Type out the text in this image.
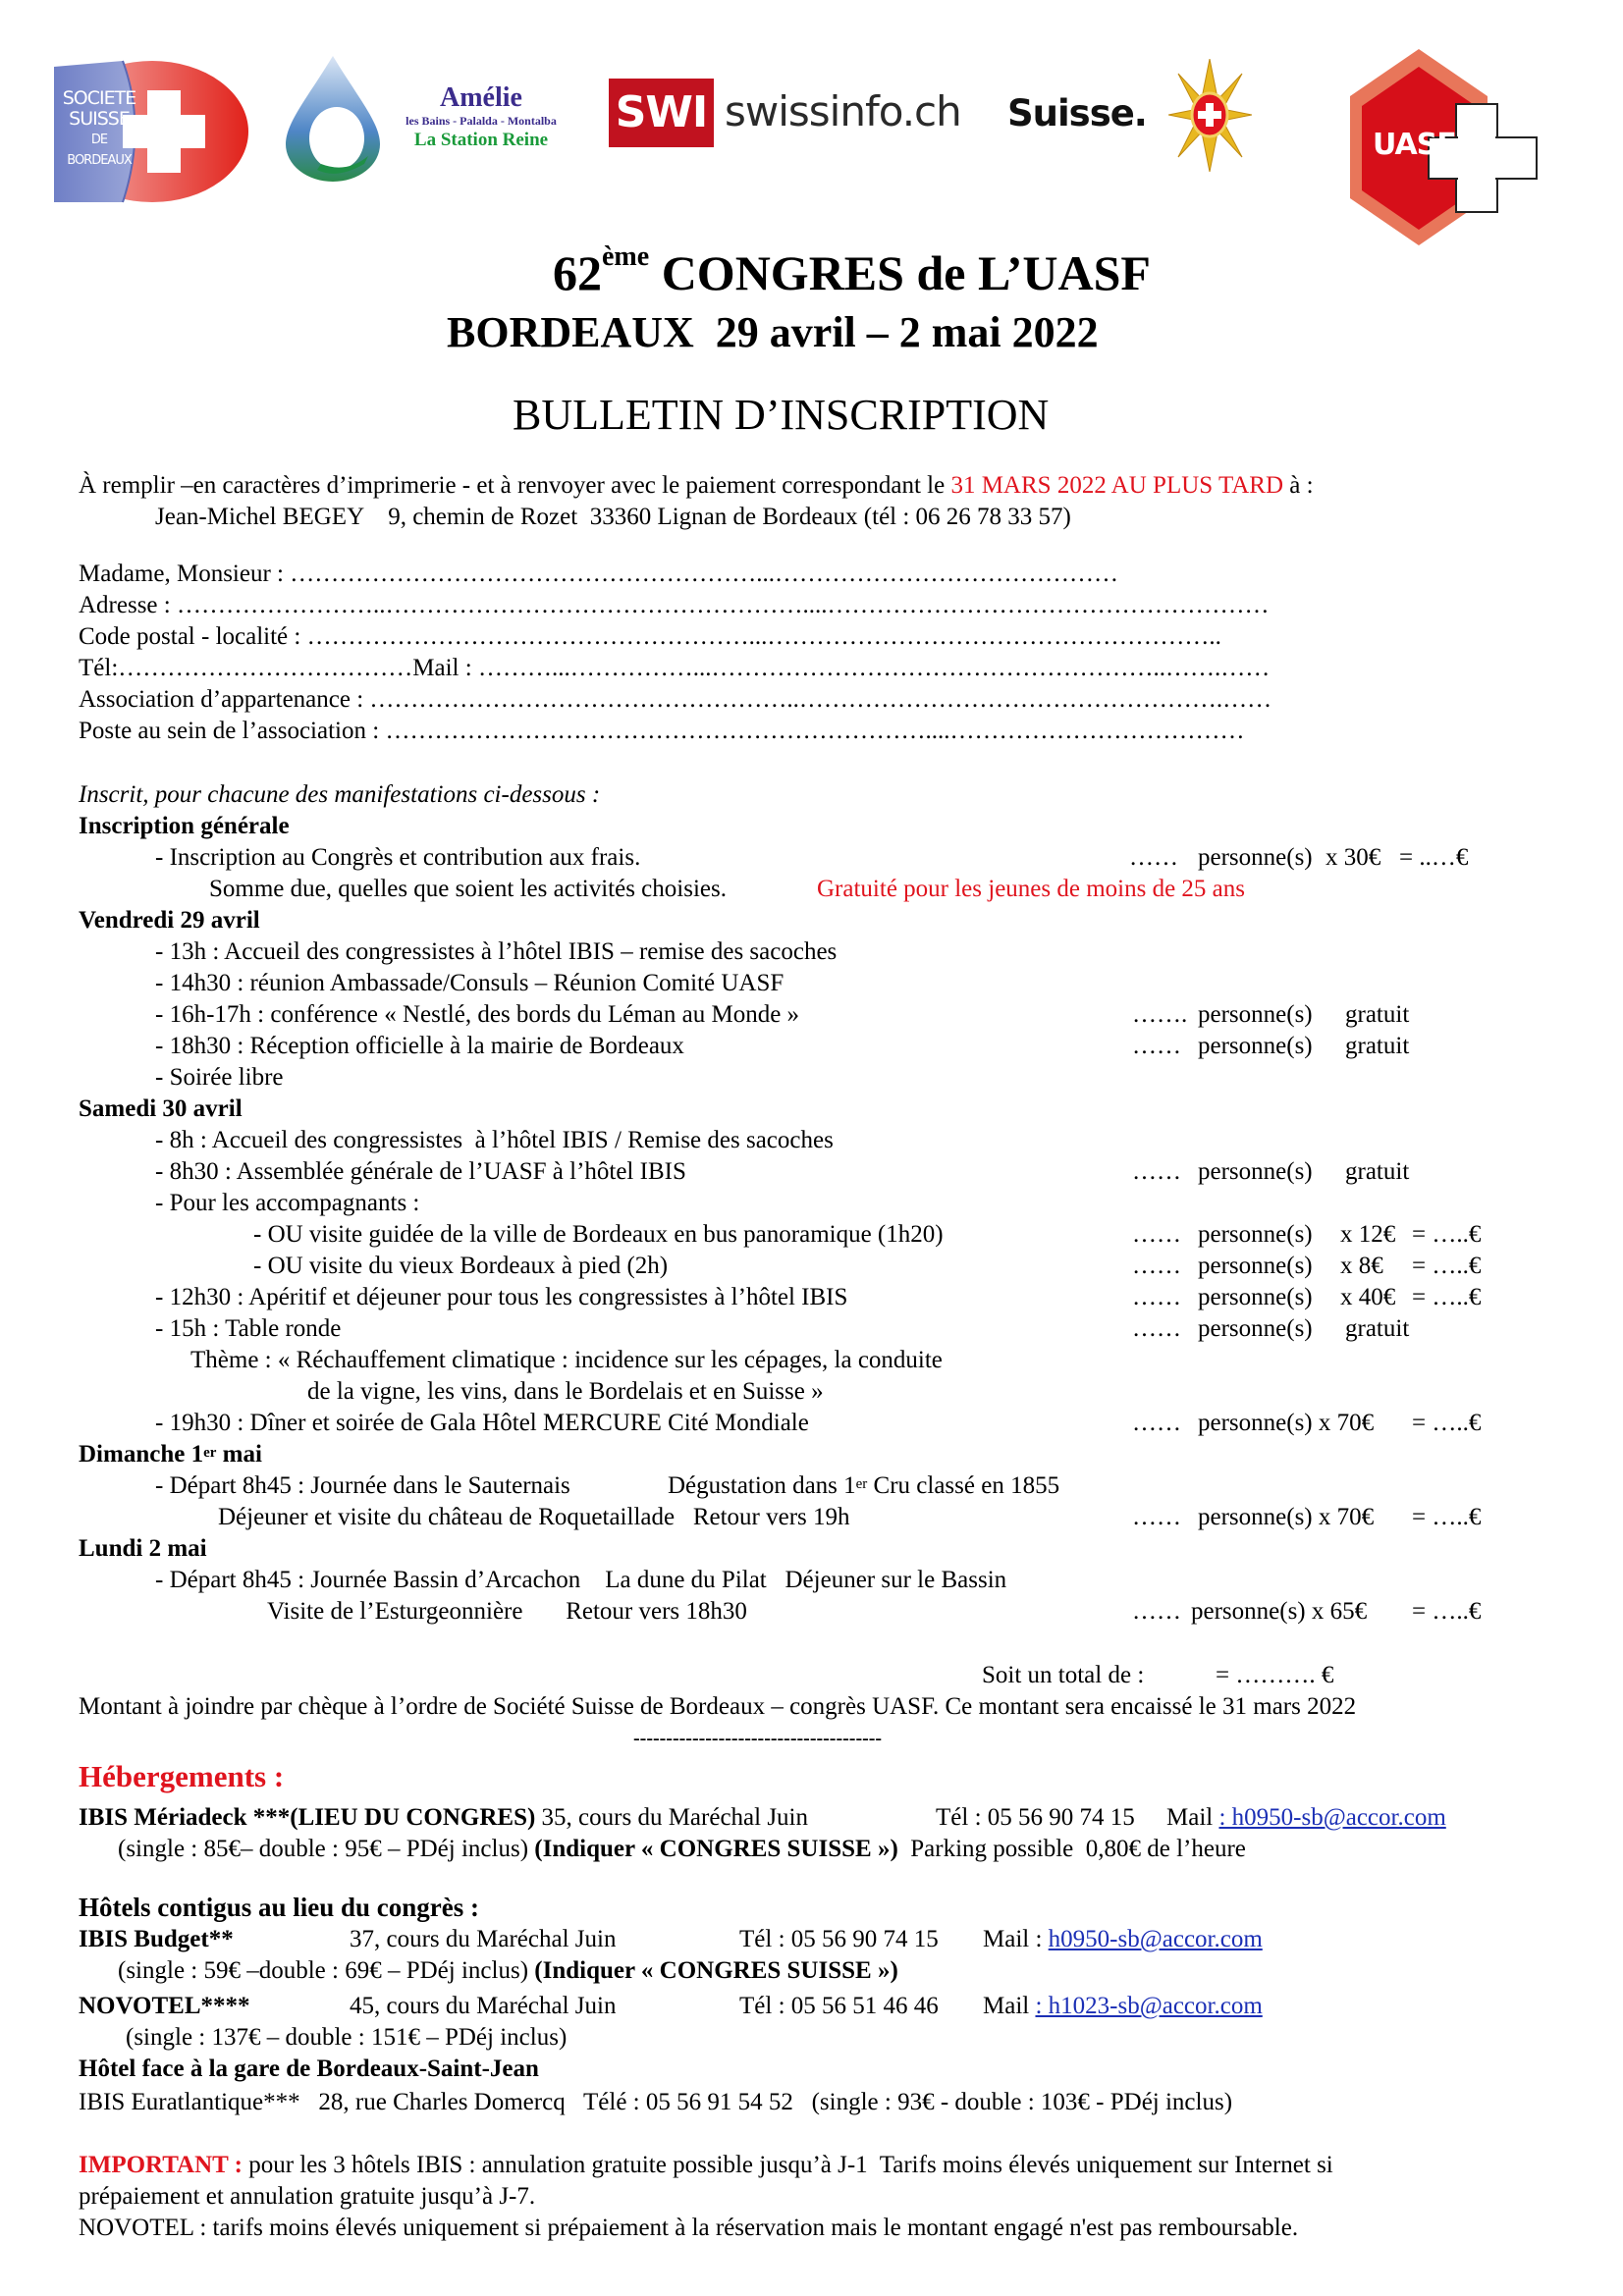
SOCIETE
SUISSE
DE
BORDEAUX
Amélie
les Bains - Palalda - Montalba
La Station Reine
SWI swissinfo.ch Suisse.
UASF
62ème CONGRES de L’UASF
BORDEAUX  29 avril – 2 mai 2022
BULLETIN D’INSCRIPTION
À remplir –en caractères d’imprimerie - et à renvoyer avec le paiement correspondant le 31 MARS 2022 AU PLUS TARD à :
Jean-Michel BEGEY    9, chemin de Rozet  33360 Lignan de Bordeaux (tél : 06 26 78 33 57)
Madame, Monsieur : …………………………………………………...……………………………………
Adresse : ……………………..……………………………………………....………………………………………………
Code postal - localité : ………………………………………………...………………………………………………..
Tél:………………………………Mail : ………...……………...………………………………………………..…….……
Association d’appartenance : ……………………………………………..…………………………………………….……
Poste au sein de l’association : …………………………………………………………....………………………………
Inscrit, pour chacune des manifestations ci-dessous :
Inscription générale
- Inscription au Congrès et contribution aux frais.	…… personne(s) x 30€ = ..…€
Somme due, quelles que soient les activités choisies.	Gratuité pour les jeunes de moins de 25 ans
Vendredi 29 avril
- 13h : Accueil des congressistes à l’hôtel IBIS – remise des sacoches
- 14h30 : réunion Ambassade/Consuls – Réunion Comité UASF
- 16h-17h : conférence « Nestlé, des bords du Léman au Monde »	……. personne(s) gratuit
- 18h30 : Réception officielle à la mairie de Bordeaux	…… personne(s) gratuit
- Soirée libre
Samedi 30 avril
- 8h : Accueil des congressistes  à l’hôtel IBIS / Remise des sacoches
- 8h30 : Assemblée générale de l’UASF à l’hôtel IBIS	…… personne(s) gratuit
- Pour les accompagnants :
- OU visite guidée de la ville de Bordeaux en bus panoramique (1h20)	…… personne(s) x 12€ = …..€
- OU visite du vieux Bordeaux à pied (2h)	…… personne(s) x 8€ = …..€
- 12h30 : Apéritif et déjeuner pour tous les congressistes à l’hôtel IBIS	…… personne(s) x 40€ = …..€
- 15h : Table ronde	…… personne(s) gratuit
Thème : « Réchauffement climatique : incidence sur les cépages, la conduite
de la vigne, les vins, dans le Bordelais et en Suisse »
- 19h30 : Dîner et soirée de Gala Hôtel MERCURE Cité Mondiale	…… personne(s) x 70€ = …..€
Dimanche 1er mai
- Départ 8h45 : Journée dans le Sauternais	Dégustation dans 1er Cru classé en 1855
Déjeuner et visite du château de Roquetaillade   Retour vers 19h	…… personne(s) x 70€ = …..€
Lundi 2 mai
- Départ 8h45 : Journée Bassin d’Arcachon    La dune du Pilat   Déjeuner sur le Bassin
Visite de l’Esturgeonnière       Retour vers 18h30	…… personne(s) x 65€ = …..€
Soit un total de :	= ………. €
Montant à joindre par chèque à l’ordre de Société Suisse de Bordeaux – congrès UASF. Ce montant sera encaissé le 31 mars 2022
--------------------------------------
Hébergements :
IBIS Mériadeck ***(LIEU DU CONGRES) 35, cours du Maréchal Juin	Tél : 05 56 90 74 15 Mail : h0950-sb@accor.com
(single : 85€– double : 95€ – PDéj inclus) (Indiquer « CONGRES SUISSE »)  Parking possible  0,80€ de l’heure
Hôtels contigus au lieu du congrès :
IBIS Budget**	37, cours du Maréchal Juin	Tél : 05 56 90 74 15 Mail : h0950-sb@accor.com
(single : 59€ –double : 69€ – PDéj inclus) (Indiquer « CONGRES SUISSE »)
NOVOTEL****	45, cours du Maréchal Juin	Tél : 05 56 51 46 46 Mail : h1023-sb@accor.com
(single : 137€ – double : 151€ – PDéj inclus)
Hôtel face à la gare de Bordeaux-Saint-Jean
IBIS Euratlantique***   28, rue Charles Domercq   Télé : 05 56 91 54 52   (single : 93€ - double : 103€ - PDéj inclus)
IMPORTANT : pour les 3 hôtels IBIS : annulation gratuite possible jusqu’à J-1  Tarifs moins élevés uniquement sur Internet si
prépaiement et annulation gratuite jusqu’à J-7.
NOVOTEL : tarifs moins élevés uniquement si prépaiement à la réservation mais le montant engagé n'est pas remboursable.
